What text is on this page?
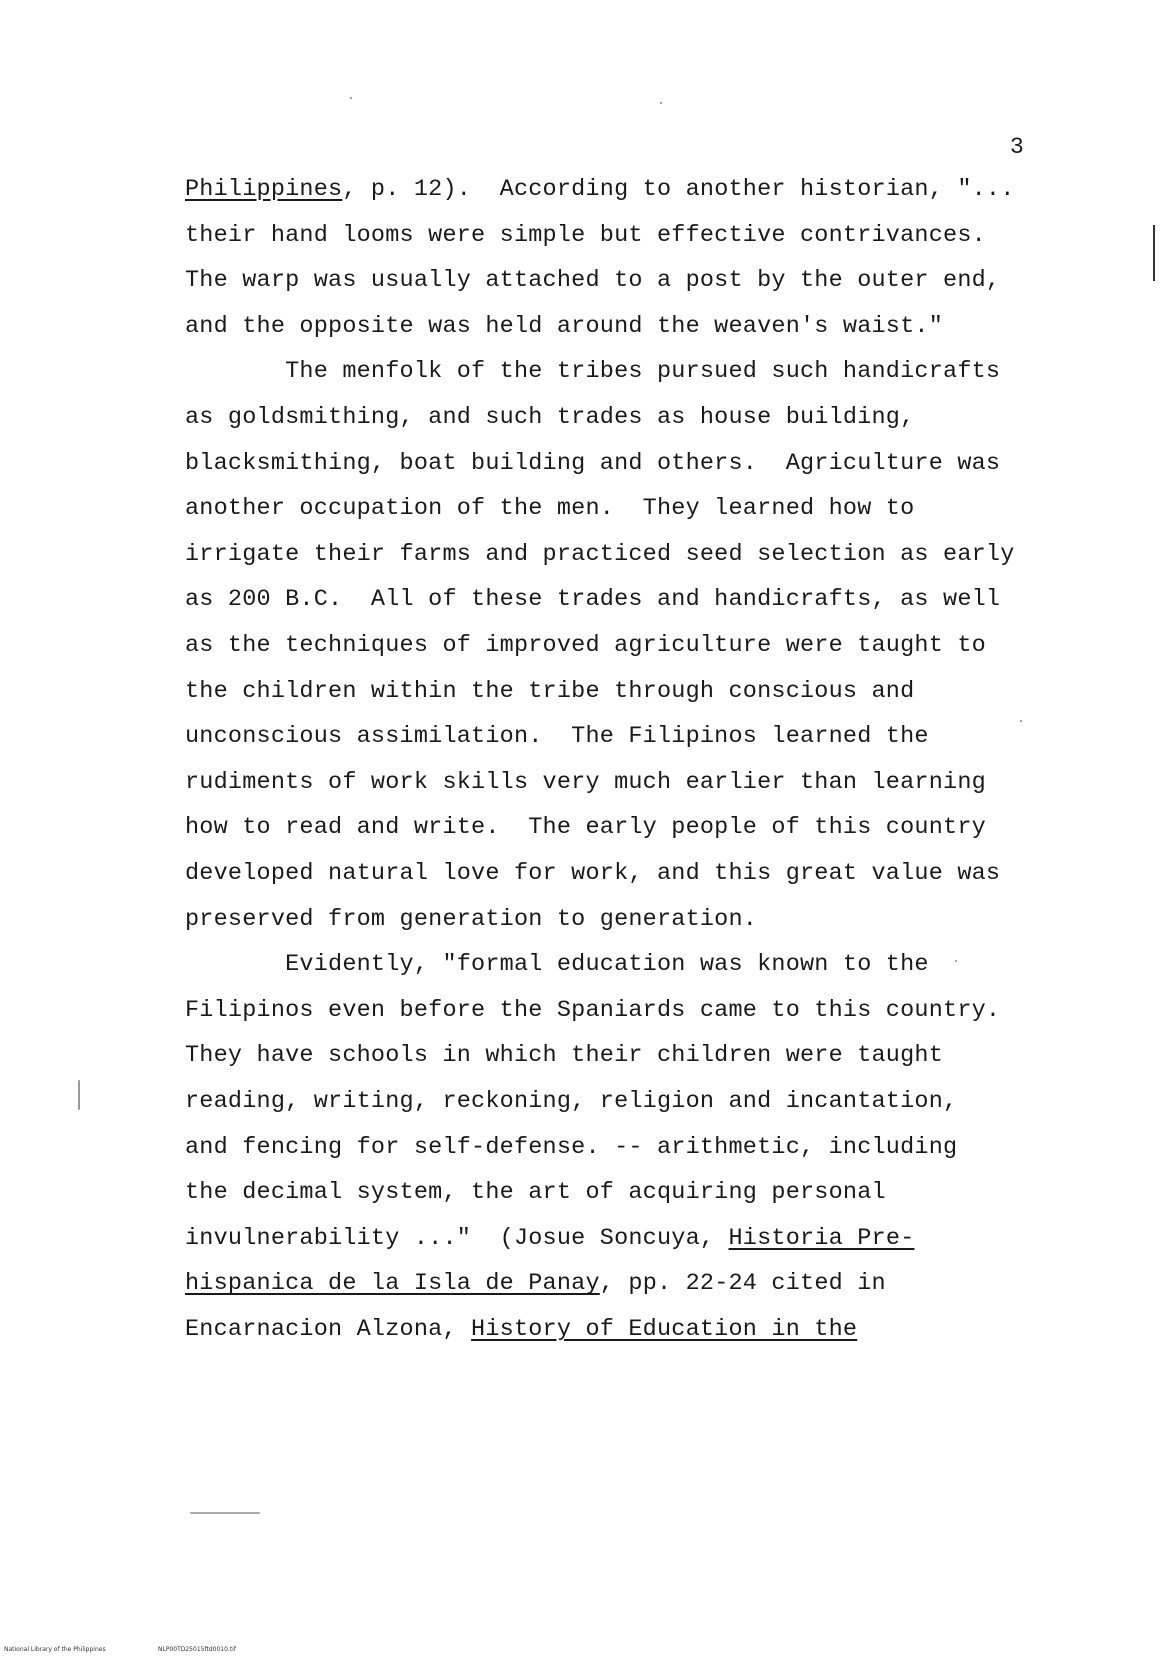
3
Philippines, p. 12).  According to another historian, "...
their hand looms were simple but effective contrivances.
The warp was usually attached to a post by the outer end,
and the opposite was held around the weaven's waist."
The menfolk of the tribes pursued such handicrafts
as goldsmithing, and such trades as house building,
blacksmithing, boat building and others.  Agriculture was
another occupation of the men.  They learned how to
irrigate their farms and practiced seed selection as early
as 200 B.C.  All of these trades and handicrafts, as well
as the techniques of improved agriculture were taught to
the children within the tribe through conscious and
unconscious assimilation.  The Filipinos learned the
rudiments of work skills very much earlier than learning
how to read and write.  The early people of this country
developed natural love for work, and this great value was
preserved from generation to generation.
Evidently, "formal education was known to the
Filipinos even before the Spaniards came to this country.
They have schools in which their children were taught
reading, writing, reckoning, religion and incantation,
and fencing for self-defense. -- arithmetic, including
the decimal system, the art of acquiring personal
invulnerability ..."  (Josue Soncuya, Historia Pre-
hispanica de la Isla de Panay, pp. 22-24 cited in
Encarnacion Alzona, History of Education in the
National Library of the Philippines	NLP00TD25015ftd0010.tif
